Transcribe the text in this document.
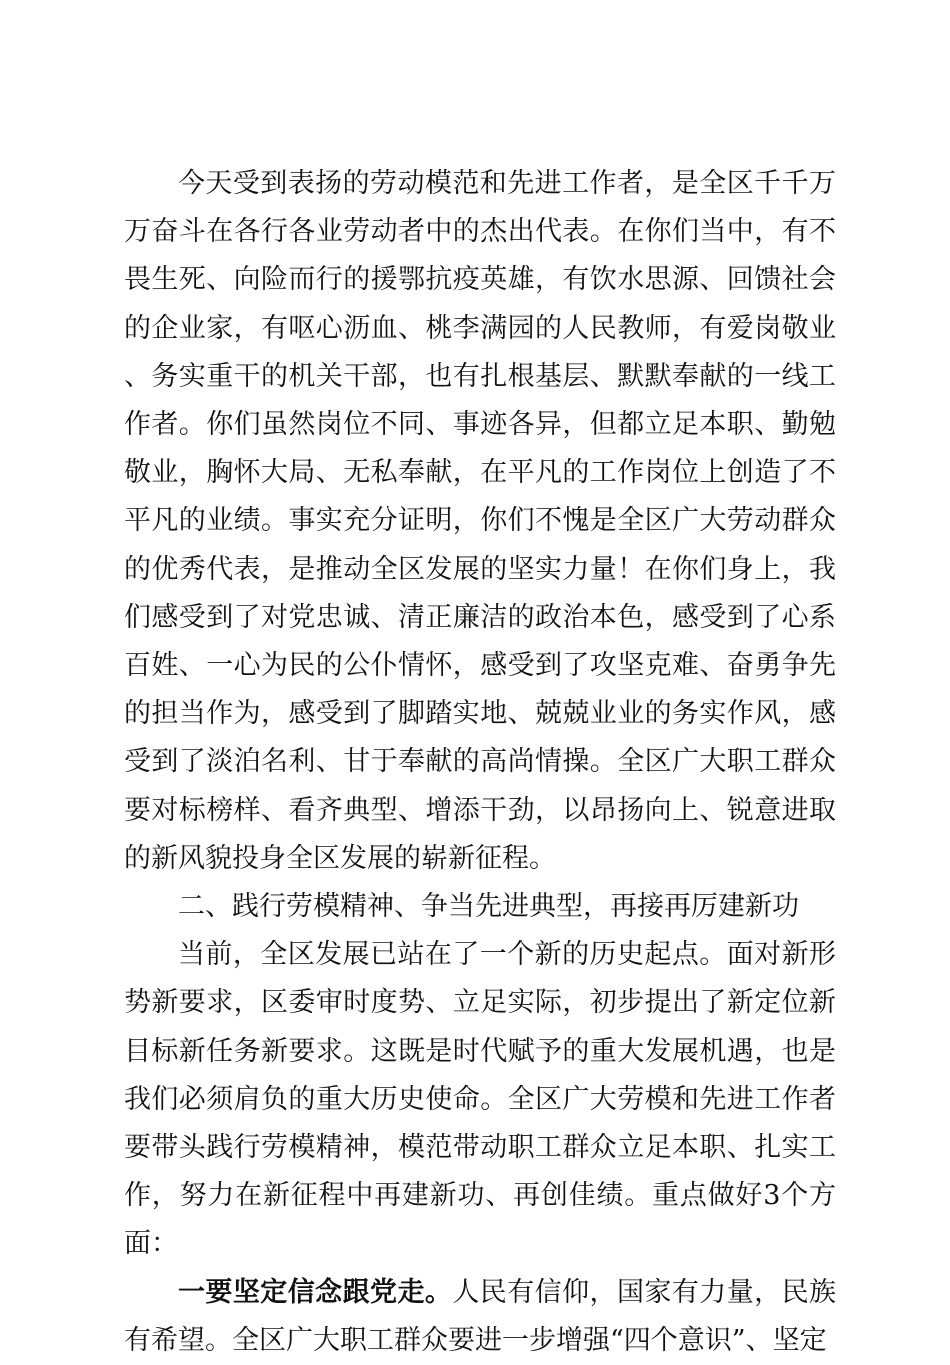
今天受到表扬的劳动模范和先进工作者，是全区千千万万奋斗在各行各业劳动者中的杰出代表。在你们当中，有不畏生死、向险而行的援鄂抗疫英雄，有饮水思源、回馈社会的企业家，有呕心沥血、桃李满园的人民教师，有爱岗敬业、务实重干的机关干部，也有扎根基层、默默奉献的一线工作者。你们虽然岗位不同、事迹各异，但都立足本职、勤勉敬业，胸怀大局、无私奉献，在平凡的工作岗位上创造了不平凡的业绩。事实充分证明，你们不愧是全区广大劳动群众的优秀代表，是推动全区发展的坚实力量！在你们身上，我们感受到了对党忠诚、清正廉洁的政治本色，感受到了心系百姓、一心为民的公仆情怀，感受到了攻坚克难、奋勇争先的担当作为，感受到了脚踏实地、兢兢业业的务实作风，感受到了淡泊名利、甘于奉献的高尚情操。全区广大职工群众要对标榜样、看齐典型、增添干劲，以昂扬向上、锐意进取的新风貌投身全区发展的崭新征程。

二、践行劳模精神、争当先进典型，再接再厉建新功

当前，全区发展已站在了一个新的历史起点。面对新形势新要求，区委审时度势、立足实际，初步提出了新定位新目标新任务新要求。这既是时代赋予的重大发展机遇，也是我们必须肩负的重大历史使命。全区广大劳模和先进工作者要带头践行劳模精神，模范带动职工群众立足本职、扎实工作，努力在新征程中再建新功、再创佳绩。重点做好3个方面：

一要坚定信念跟党走。人民有信仰，国家有力量，民族有希望。全区广大职工群众要进一步增强“四个意识”、坚定
